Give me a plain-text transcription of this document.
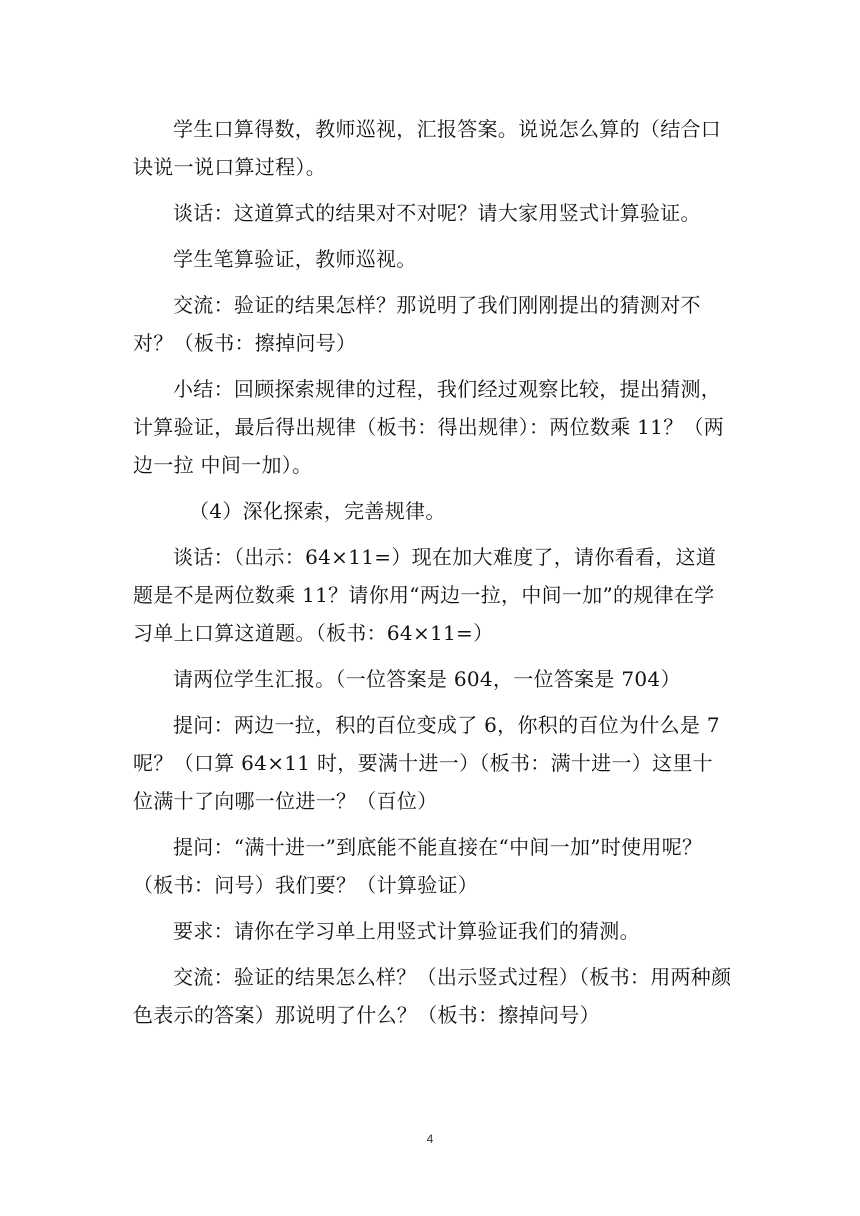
学生口算得数，教师巡视，汇报答案。说说怎么算的（结合口诀说一说口算过程）。

谈话：这道算式的结果对不对呢？请大家用竖式计算验证。

学生笔算验证，教师巡视。

交流：验证的结果怎样？那说明了我们刚刚提出的猜测对不对？（板书：擦掉问号）

小结：回顾探索规律的过程，我们经过观察比较，提出猜测，计算验证，最后得出规律（板书：得出规律）：两位数乘 11？（两边一拉 中间一加）。

（4）深化探索，完善规律。

谈话：（出示：64×11=）现在加大难度了，请你看看，这道题是不是两位数乘 11？请你用“两边一拉，中间一加”的规律在学习单上口算这道题。（板书：64×11=）

请两位学生汇报。（一位答案是 604，一位答案是 704）

提问：两边一拉，积的百位变成了 6，你积的百位为什么是 7 呢？（口算 64×11 时，要满十进一）（板书：满十进一）这里十位满十了向哪一位进一？（百位）

提问：“满十进一”到底能不能直接在“中间一加”时使用呢？（板书：问号）我们要？（计算验证）

要求：请你在学习单上用竖式计算验证我们的猜测。

交流：验证的结果怎么样？（出示竖式过程）（板书：用两种颜色表示的答案）那说明了什么？（板书：擦掉问号）

4
